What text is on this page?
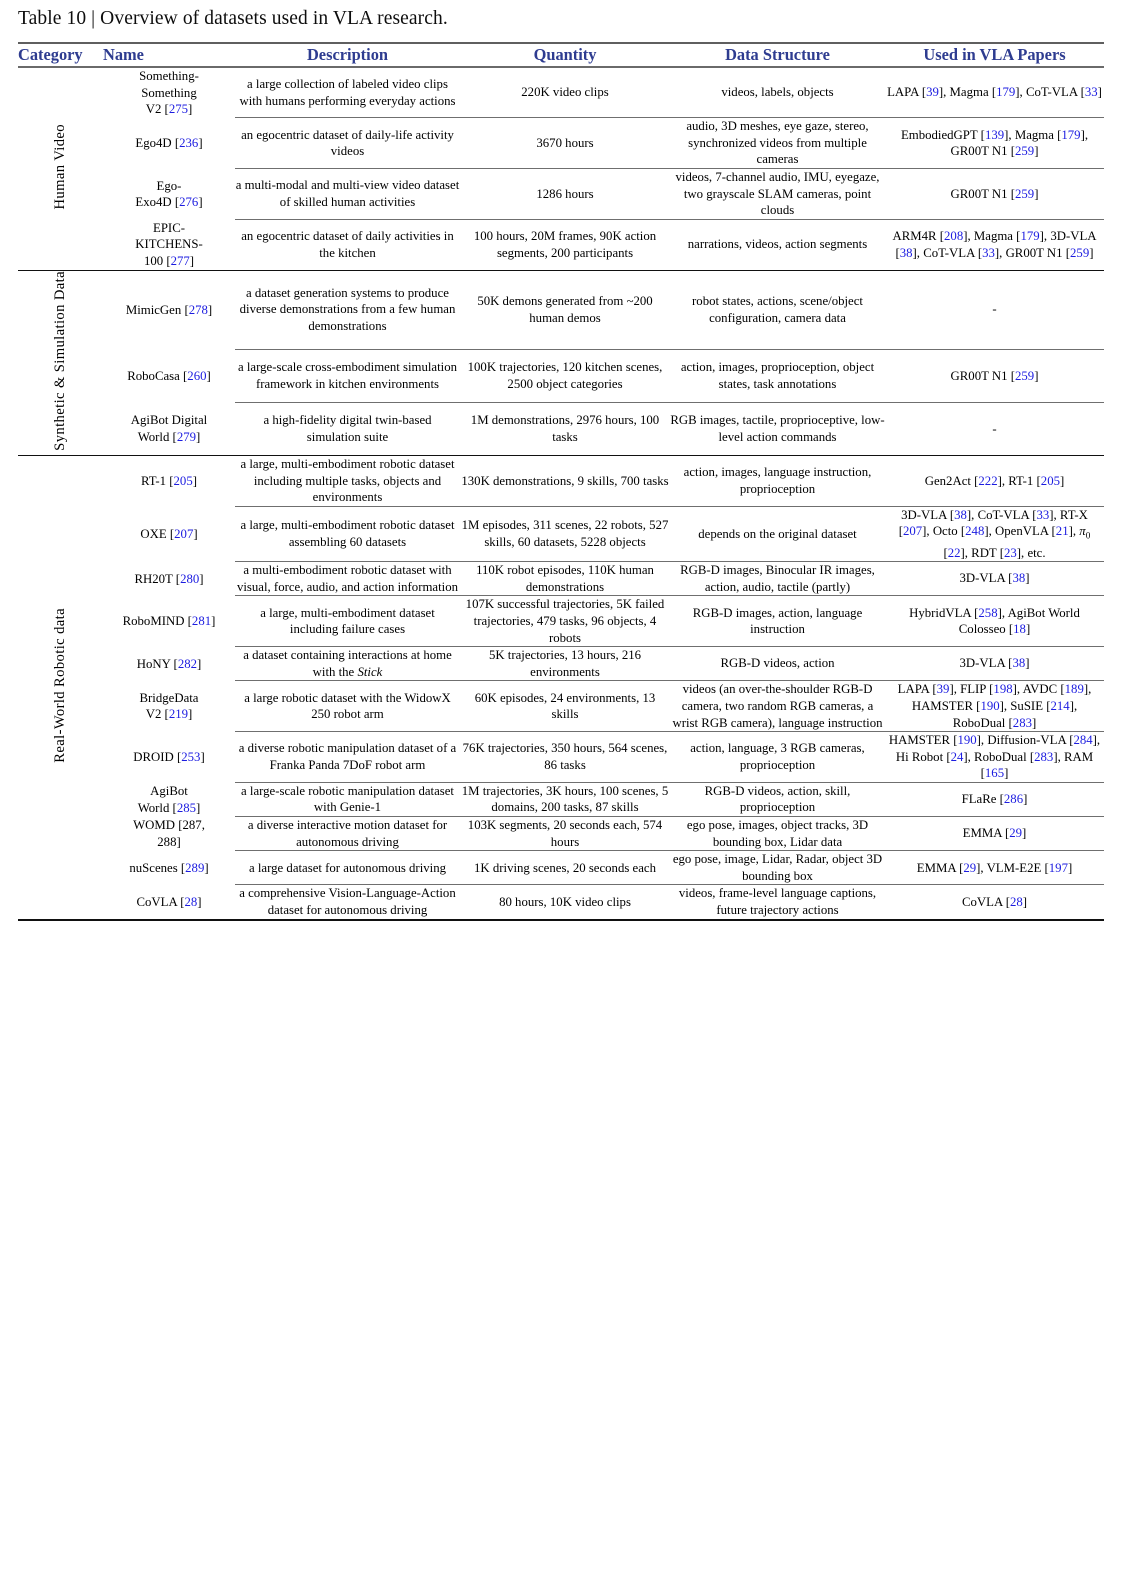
Table 10 | Overview of datasets used in VLA research.

Category	Name	Description	Quantity	Data Structure	Used in VLA Papers

Human Video	Something-
Something
V2 [275]	a large collection of labeled video clips with humans performing everyday actions	220K video clips	videos, labels, objects	LAPA [39], Magma [179], CoT-VLA [33]

	Ego4D [236]	an egocentric dataset of daily-life activity videos	3670 hours	audio, 3D meshes, eye gaze, stereo, synchronized videos from multiple cameras	EmbodiedGPT [139], Magma [179], GR00T N1 [259]

	Ego-
Exo4D [276]	a multi-modal and multi-view video dataset of skilled human activities	1286 hours	videos, 7-channel audio, IMU, eyegaze, two grayscale SLAM cameras, point clouds	GR00T N1 [259]

	EPIC-
KITCHENS-
100 [277]	an egocentric dataset of daily activities in the kitchen	100 hours, 20M frames, 90K action segments, 200 participants	narrations, videos, action segments	ARM4R [208], Magma [179], 3D-VLA [38], CoT-VLA [33], GR00T N1 [259]

Synthetic & Simulation Data	MimicGen [278]	a dataset generation systems to produce diverse demonstrations from a few human demonstrations	50K demons generated from ~200 human demos	robot states, actions, scene/object configuration, camera data	-

	RoboCasa [260]	a large-scale cross-embodiment simulation framework in kitchen environments	100K trajectories, 120 kitchen scenes, 2500 object categories	action, images, proprioception, object states, task annotations	GR00T N1 [259]

	AgiBot Digital
World [279]	a high-fidelity digital twin-based simulation suite	1M demonstrations, 2976 hours, 100 tasks	RGB images, tactile, proprioceptive, low-level action commands	-

Real-World Robotic data	RT-1 [205]	a large, multi-embodiment robotic dataset including multiple tasks, objects and environments	130K demonstrations, 9 skills, 700 tasks	action, images, language instruction, proprioception	Gen2Act [222], RT-1 [205]

	OXE [207]	a large, multi-embodiment robotic dataset assembling 60 datasets	1M episodes, 311 scenes, 22 robots, 527 skills, 60 datasets, 5228 objects	depends on the original dataset	3D-VLA [38], CoT-VLA [33], RT-X [207], Octo [248], OpenVLA [21], $\pi_0$ [22], RDT [23], etc.

	RH20T [280]	a multi-embodiment robotic dataset with visual, force, audio, and action information	110K robot episodes, 110K human demonstrations	RGB-D images, Binocular IR images, action, audio, tactile (partly)	3D-VLA [38]

	RoboMIND [281]	a large, multi-embodiment dataset including failure cases	107K successful trajectories, 5K failed trajectories, 479 tasks, 96 objects, 4 robots	RGB-D images, action, language instruction	HybridVLA [258], AgiBot World Colosseo [18]

	HoNY [282]	a dataset containing interactions at home with the Stick	5K trajectories, 13 hours, 216 environments	RGB-D videos, action	3D-VLA [38]

	BridgeData
V2 [219]	a large robotic dataset with the WidowX 250 robot arm	60K episodes, 24 environments, 13 skills	videos (an over-the-shoulder RGB-D camera, two random RGB cameras, a wrist RGB camera), language instruction	LAPA [39], FLIP [198], AVDC [189], HAMSTER [190], SuSIE [214], RoboDual [283]

	DROID [253]	a diverse robotic manipulation dataset of a Franka Panda 7DoF robot arm	76K trajectories, 350 hours, 564 scenes, 86 tasks	action, language, 3 RGB cameras, proprioception	HAMSTER [190], Diffusion-VLA [284], Hi Robot [24], RoboDual [283], RAM [165]

	AgiBot
World [285]	a large-scale robotic manipulation dataset with Genie-1	1M trajectories, 3K hours, 100 scenes, 5 domains, 200 tasks, 87 skills	RGB-D videos, action, skill, proprioception	FLaRe [286]

	WOMD [287,
288]	a diverse interactive motion dataset for autonomous driving	103K segments, 20 seconds each, 574 hours	ego pose, images, object tracks, 3D bounding box, Lidar data	EMMA [29]

	nuScenes [289]	a large dataset for autonomous driving	1K driving scenes, 20 seconds each	ego pose, image, Lidar, Radar, object 3D bounding box	EMMA [29], VLM-E2E [197]

	CoVLA [28]	a comprehensive Vision-Language-Action dataset for autonomous driving	80 hours, 10K video clips	videos, frame-level language captions, future trajectory actions	CoVLA [28]
